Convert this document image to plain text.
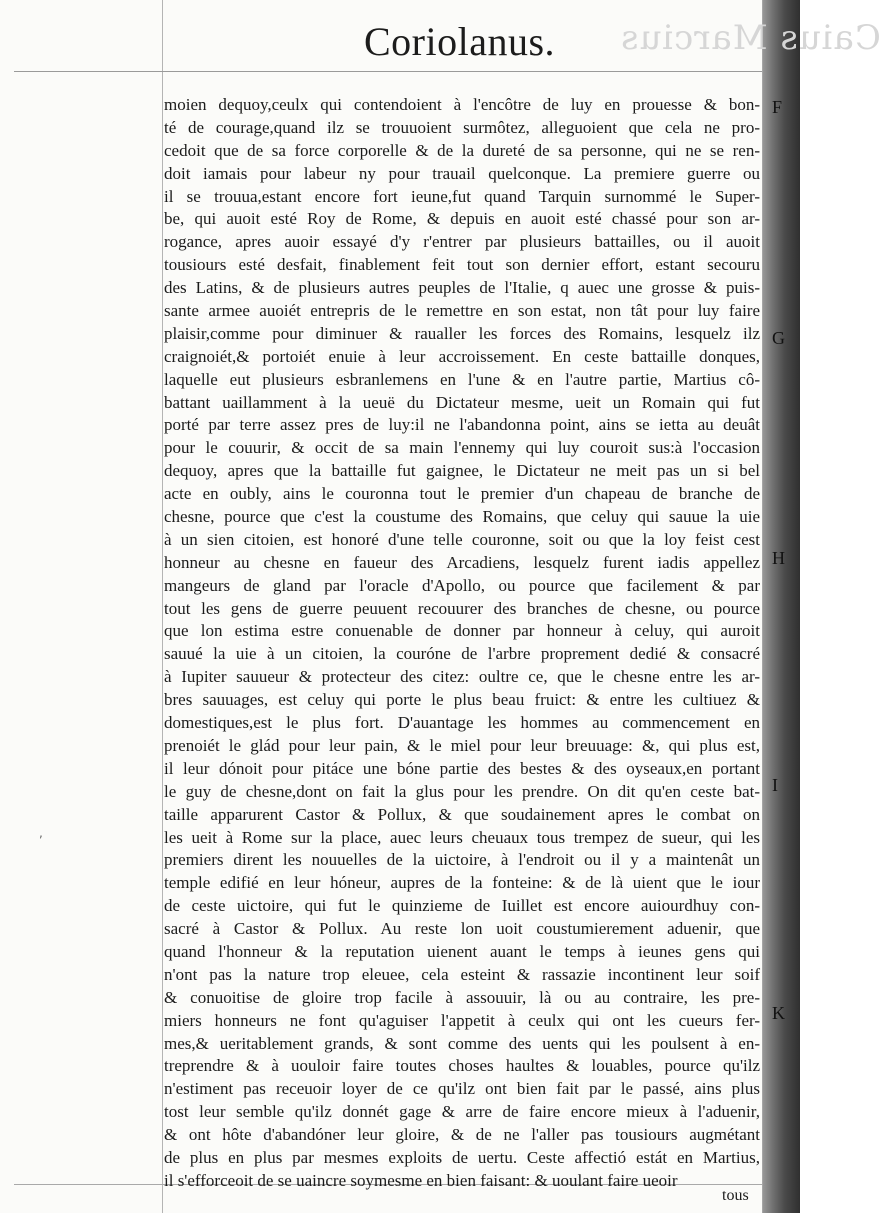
Caius Marcius
Coriolanus.
moien dequoy,ceulx qui contendoient à l'encôtre de luy en prouesse & bon-
té de courage,quand ilz se trouuoient surmôtez, alleguoient que cela ne pro-
cedoit que de sa force corporelle & de la dureté de sa personne, qui ne se ren-
doit iamais pour labeur ny pour trauail quelconque. La premiere guerre ou
il se trouua,estant encore fort ieune,fut quand Tarquin surnommé le Super-
be, qui auoit esté Roy de Rome, & depuis en auoit esté chassé pour son ar-
rogance, apres auoir essayé d'y r'entrer par plusieurs battailles, ou il auoit
tousiours esté desfait, finablement feit tout son dernier effort, estant secouru
des Latins, & de plusieurs autres peuples de l'Italie, q auec une grosse & puis-
sante armee auoiét entrepris de le remettre en son estat, non tât pour luy faire
plaisir,comme pour diminuer & raualler les forces des Romains, lesquelz ilz
craignoiét,& portoiét enuie à leur accroissement. En ceste battaille donques,
laquelle eut plusieurs esbranlemens en l'une & en l'autre partie, Martius cô-
battant uaillamment à la ueuë du Dictateur mesme, ueit un Romain qui fut
porté par terre assez pres de luy:il ne l'abandonna point, ains se ietta au deuât
pour le couurir, & occit de sa main l'ennemy qui luy couroit sus:à l'occasion
dequoy, apres que la battaille fut gaignee, le Dictateur ne meit pas un si bel
acte en oubly, ains le couronna tout le premier d'un chapeau de branche de
chesne, pource que c'est la coustume des Romains, que celuy qui sauue la uie
à un sien citoien, est honoré d'une telle couronne, soit ou que la loy feist cest
honneur au chesne en faueur des Arcadiens, lesquelz furent iadis appellez
mangeurs de gland par l'oracle d'Apollo, ou pource que facilement & par
tout les gens de guerre peuuent recouurer des branches de chesne, ou pource
que lon estima estre conuenable de donner par honneur à celuy, qui auroit
sauué la uie à un citoien, la couróne de l'arbre proprement dedié & consacré
à Iupiter sauueur & protecteur des citez: oultre ce, que le chesne entre les ar-
bres sauuages, est celuy qui porte le plus beau fruict: & entre les cultiuez &
domestiques,est le plus fort. D'auantage les hommes au commencement en
prenoiét le glád pour leur pain, & le miel pour leur breuuage: &, qui plus est,
il leur dónoit pour pitáce une bóne partie des bestes & des oyseaux,en portant
le guy de chesne,dont on fait la glus pour les prendre. On dit qu'en ceste bat-
taille apparurent Castor & Pollux, & que soudainement apres le combat on
les ueit à Rome sur la place, auec leurs cheuaux tous trempez de sueur, qui les
premiers dirent les nouuelles de la uictoire, à l'endroit ou il y a maintenât un
temple edifié en leur hóneur, aupres de la fonteine: & de là uient que le iour
de ceste uictoire, qui fut le quinzieme de Iuillet est encore auiourdhuy con-
sacré à Castor & Pollux. Au reste lon uoit coustumierement aduenir, que
quand l'honneur & la reputation uienent auant le temps à ieunes gens qui
n'ont pas la nature trop eleuee, cela esteint & rassazie incontinent leur soif
& conuoitise de gloire trop facile à assouuir, là ou au contraire, les pre-
miers honneurs ne font qu'aguiser l'appetit à ceulx qui ont les cueurs fer-
mes,& ueritablement grands, & sont comme des uents qui les poulsent à en-
treprendre & à uouloir faire toutes choses haultes & louables, pource qu'ilz
n'estiment pas receuoir loyer de ce qu'ilz ont bien fait par le passé, ains plus
tost leur semble qu'ilz donnét gage & arre de faire encore mieux à l'aduenir,
& ont hôte d'abandóner leur gloire, & de ne l'aller pas tousiours augmétant
de plus en plus par mesmes exploits de uertu. Ceste affectió estát en Martius,
il s'efforceoit de se uaincre soymesme en bien faisant: & uoulant faire ueoir
F
G
H
I
K
tous
,
